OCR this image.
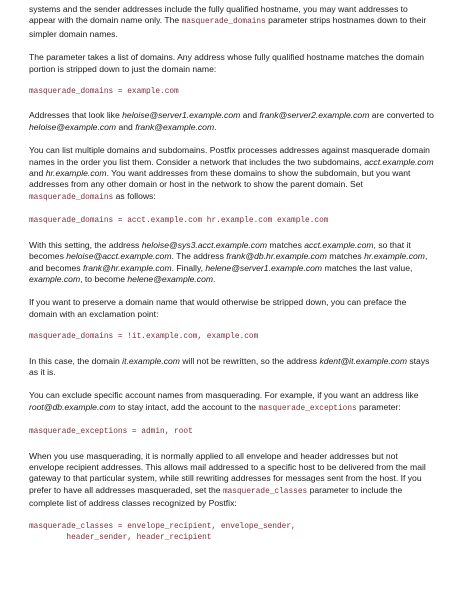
systems and the sender addresses include the fully qualified hostname, you may want addresses to appear with the domain name only. The masquerade_domains parameter strips hostnames down to their simpler domain names.

The parameter takes a list of domains. Any address whose fully qualified hostname matches the domain portion is stripped down to just the domain name:

masquerade_domains = example.com

Addresses that look like heloise@server1.example.com and frank@server2.example.com are converted to heloise@example.com and frank@example.com.

You can list multiple domains and subdomains. Postfix processes addresses against masquerade domain names in the order you list them. Consider a network that includes the two subdomains, acct.example.com and hr.example.com. You want addresses from these domains to show the subdomain, but you want addresses from any other domain or host in the network to show the parent domain. Set masquerade_domains as follows:

masquerade_domains = acct.example.com hr.example.com example.com

With this setting, the address heloise@sys3.acct.example.com matches acct.example.com, so that it becomes heloise@acct.example.com. The address frank@db.hr.example.com matches hr.example.com, and becomes frank@hr.example.com. Finally, helene@server1.example.com matches the last value, example.com, to become helene@example.com.

If you want to preserve a domain name that would otherwise be stripped down, you can preface the domain with an exclamation point:

masquerade_domains = !it.example.com, example.com

In this case, the domain it.example.com will not be rewritten, so the address kdent@it.example.com stays as it is.

You can exclude specific account names from masquerading. For example, if you want an address like root@db.example.com to stay intact, add the account to the masquerade_exceptions parameter:

masquerade_exceptions = admin, root

When you use masquerading, it is normally applied to all envelope and header addresses but not envelope recipient addresses. This allows mail addressed to a specific host to be delivered from the mail gateway to that particular system, while still rewriting addresses for messages sent from the host. If you prefer to have all addresses masqueraded, set the masquerade_classes parameter to include the complete list of address classes recognized by Postfix:

masquerade_classes = envelope_recipient, envelope_sender,
header_sender, header_recipient
